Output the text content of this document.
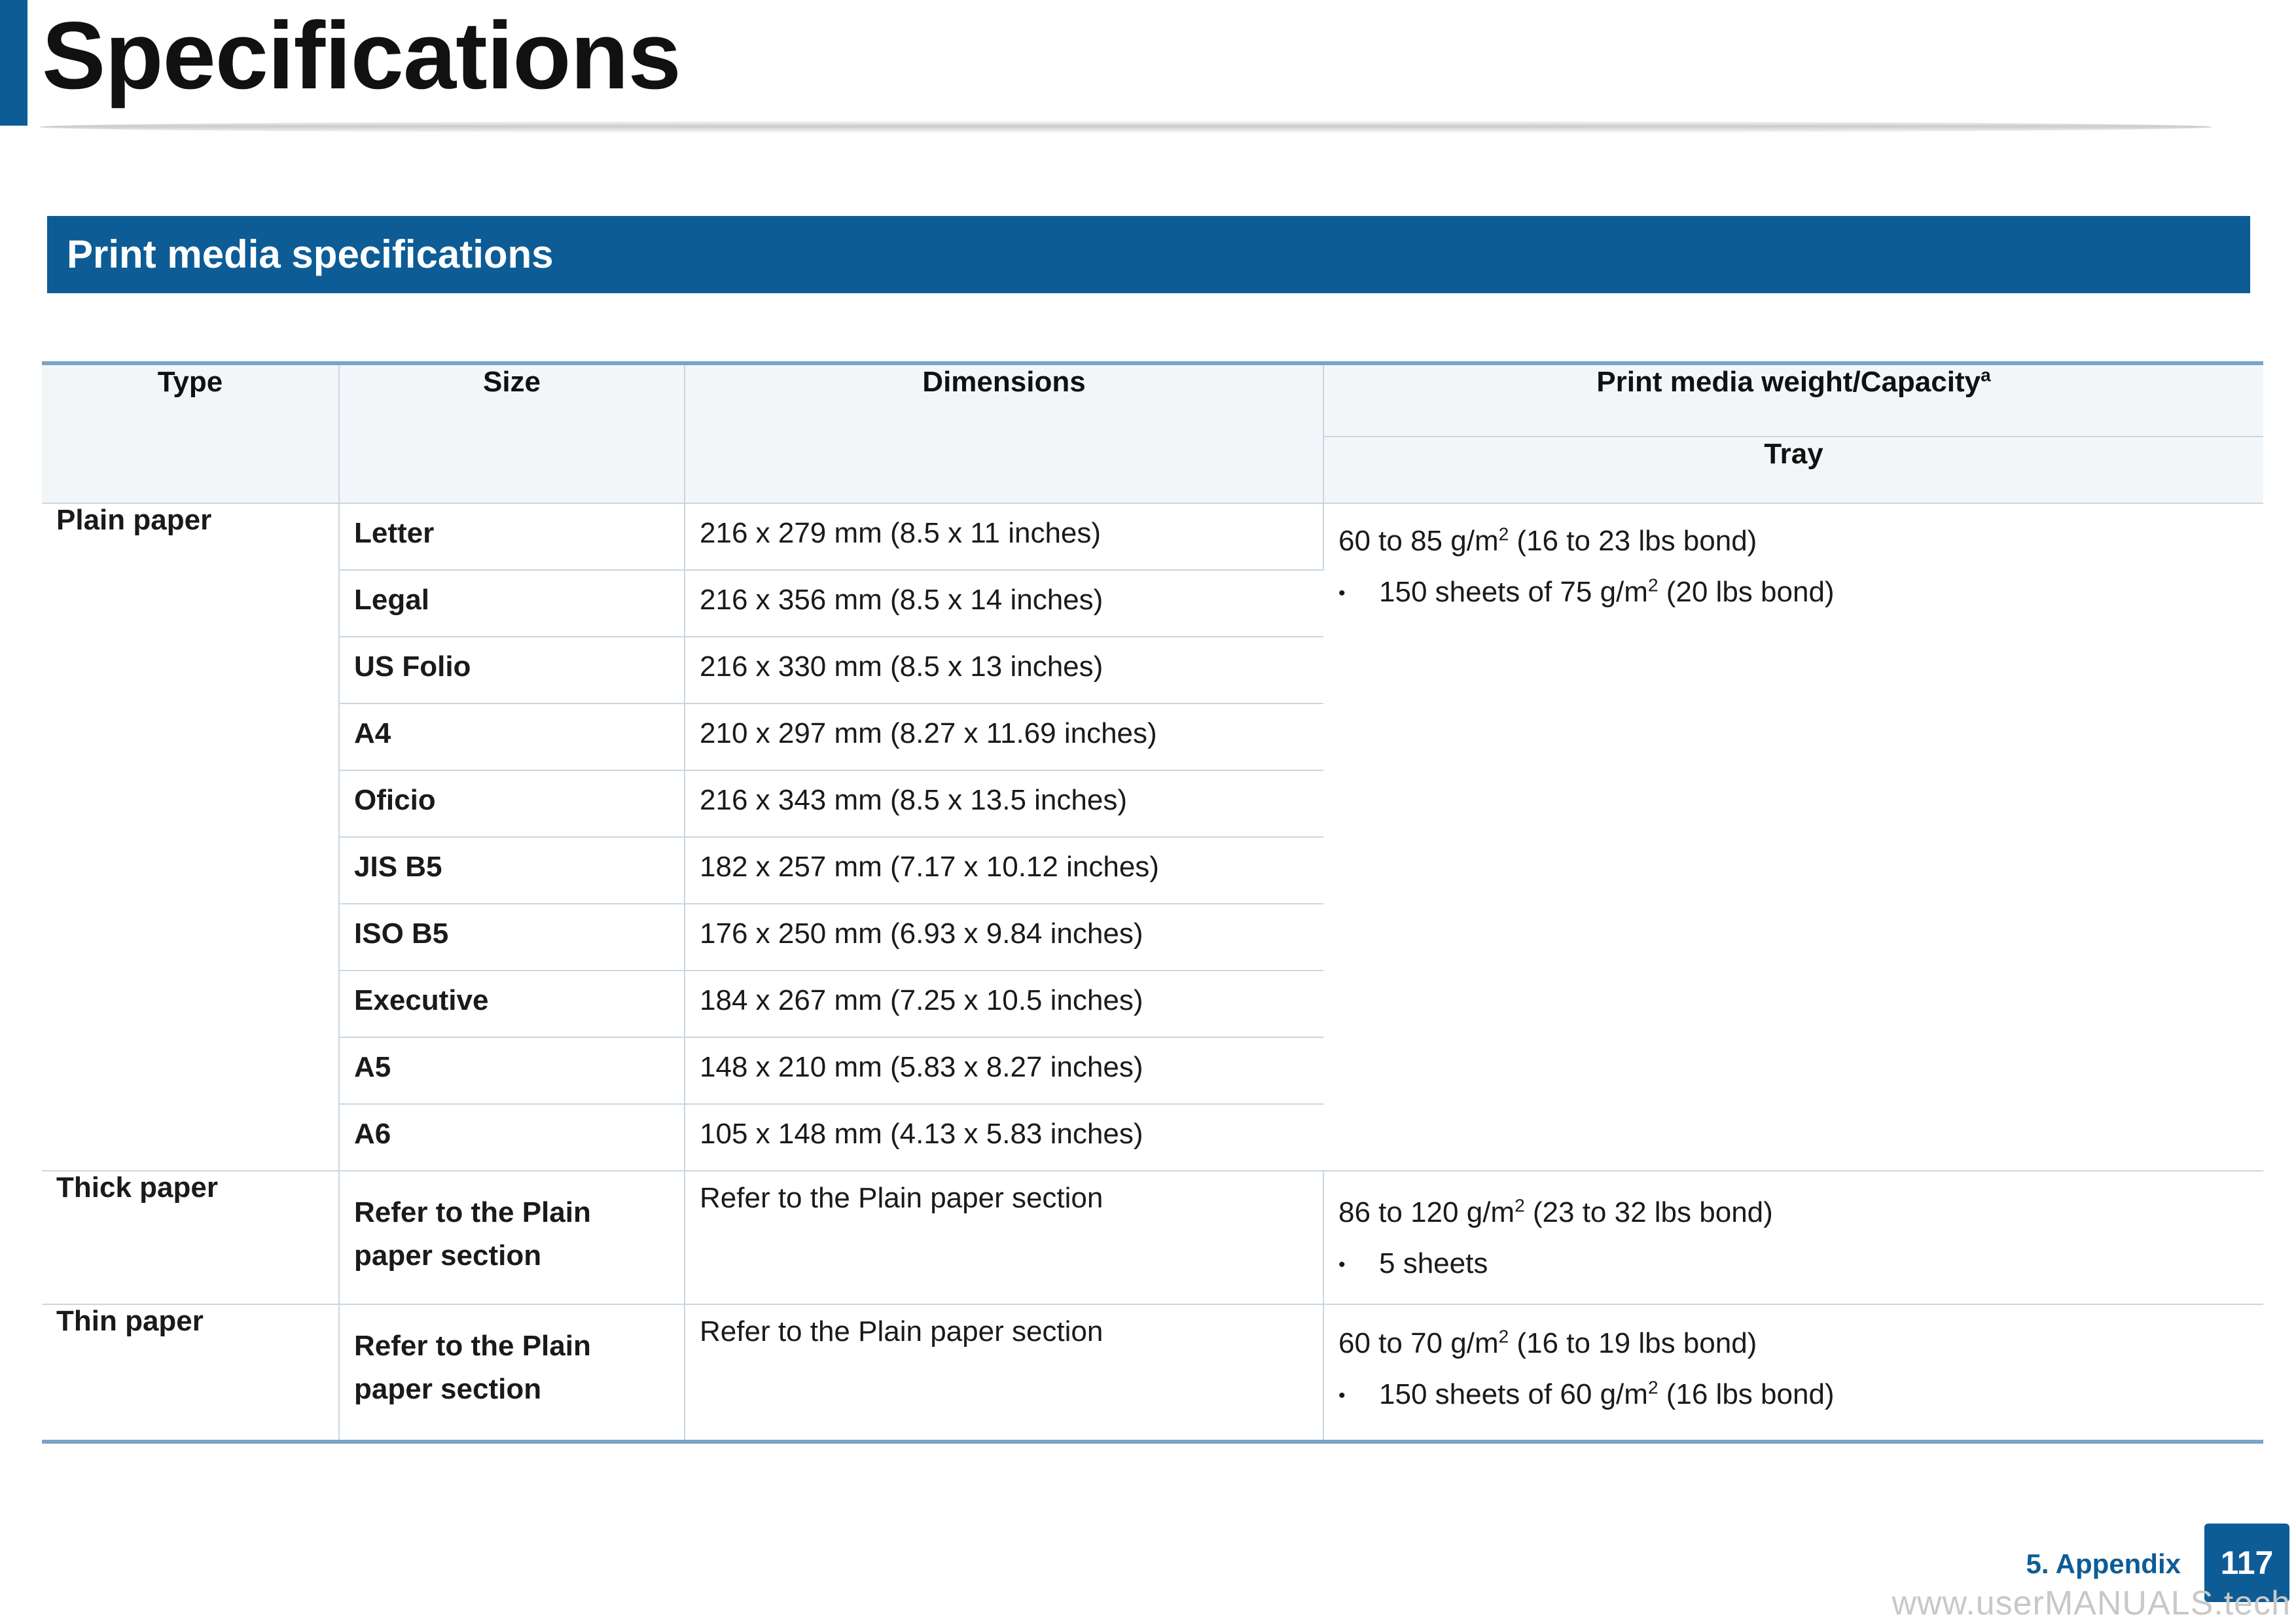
Specifications
Print media specifications
Type	Size	Dimensions	Print media weight/Capacity$^a$
			Tray
Plain paper	Letter	216 x 279 mm (8.5 x 11 inches)	60 to 85 $g/m^2$ (16 to 23 lbs bond)

• 150 sheets of 75 $g/m^2$ (20 lbs bond)

	Legal	216 x 356 mm (8.5 x 14 inches)	
	US Folio	216 x 330 mm (8.5 x 13 inches)	
	A4	210 x 297 mm (8.27 x 11.69 inches)	
	Oficio	216 x 343 mm (8.5 x 13.5 inches)	
	JIS B5	182 x 257 mm (7.17 x 10.12 inches)	
	ISO B5	176 x 250 mm (6.93 x 9.84 inches)	
	Executive	184 x 267 mm (7.25 x 10.5 inches)	
	A5	148 x 210 mm (5.83 x 8.27 inches)	
	A6	105 x 148 mm (4.13 x 5.83 inches)	
Thick paper	Refer to the Plain paper section	Refer to the Plain paper section	86 to 120 $g/m^2$ (23 to 32 lbs bond)

• 5 sheets

Thin paper	Refer to the Plain paper section	Refer to the Plain paper section	60 to 70 $g/m^2$ (16 to 19 lbs bond)

• 150 sheets of 60 $g/m^2$ (16 lbs bond)

5. Appendix	117
www.userMANUALS.tech
